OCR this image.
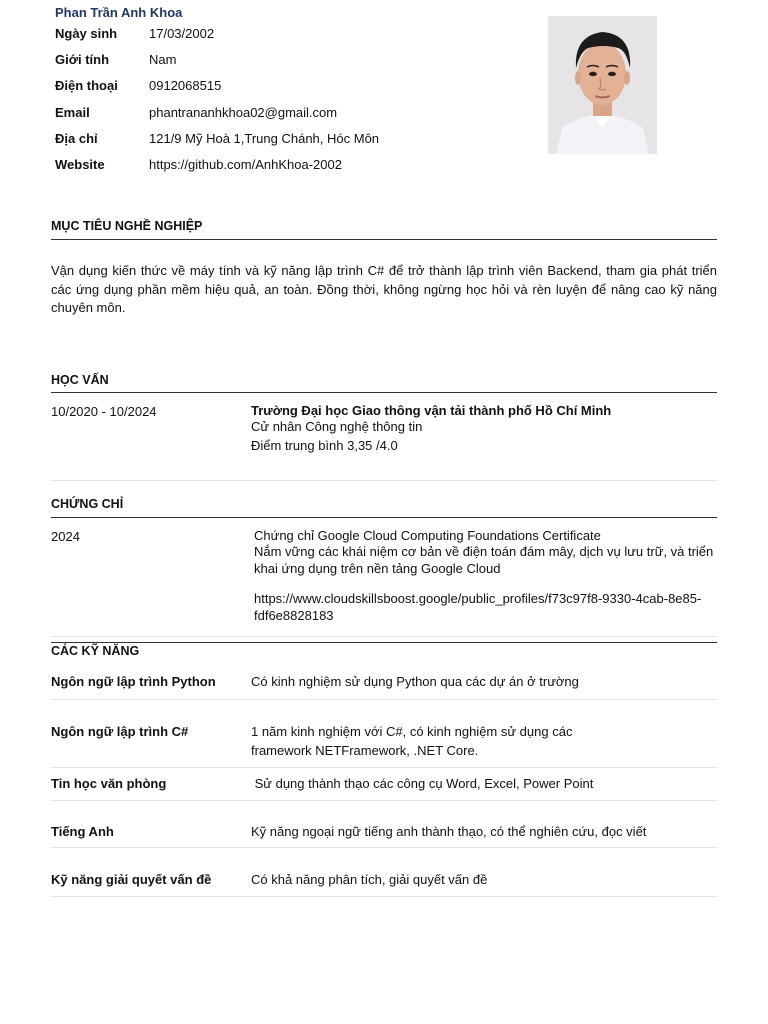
Phan Trần Anh Khoa
Ngày sinh 17/03/2002
Giới tính	Nam
Điện thoại 0912068515
Email	phantrananhkhoa02@gmail.com
Địa chỉ	121/9 Mỹ Hoà 1,Trung Chánh, Hóc Môn
Website	https://github.com/AnhKhoa-2002
MỤC TIÊU NGHỀ NGHIỆP
Vận dụng kiến thức về máy tính và kỹ năng lập trình C# để trở thành lập trình viên Backend, tham gia phát triển các ứng dụng phần mềm hiệu quả, an toàn. Đồng thời, không ngừng học hỏi và rèn luyện để nâng cao kỹ năng chuyên môn.
HỌC VẤN
10/2020 - 10/2024	Trường Đại học Giao thông vận tải thành phố Hồ Chí Minh
Cử nhân Công nghệ thông tin
Điểm trung bình 3,35 /4.0
CHỨNG CHỈ
2024	Chứng chỉ Google Cloud Computing Foundations Certificate
Nắm vững các khái niệm cơ bản về điện toán đám mây, dịch vụ lưu trữ, và triển
khai ứng dụng trên nền tảng Google Cloud
https://www.cloudskillsboost.google/public_profiles/f73c97f8-9330-4cab-8e85-
fdf6e8828183
CÁC KỸ NĂNG
Ngôn ngữ lập trình Python	Có kinh nghiệm sử dụng Python qua các dự án ở trường
Ngôn ngữ lập trình C#	1 năm kinh nghiệm với C#, có kinh nghiệm sử dụng các
framework NETFramework, .NET Core.
Tin học văn phòng	Sử dụng thành thạo các công cụ Word, Excel, Power Point
Tiếng Anh	Kỹ năng ngoại ngữ tiếng anh thành thạo, có thể nghiên cứu, đọc viết
Kỹ năng giải quyết vấn đề	Có khả năng phân tích, giải quyết vấn đề
